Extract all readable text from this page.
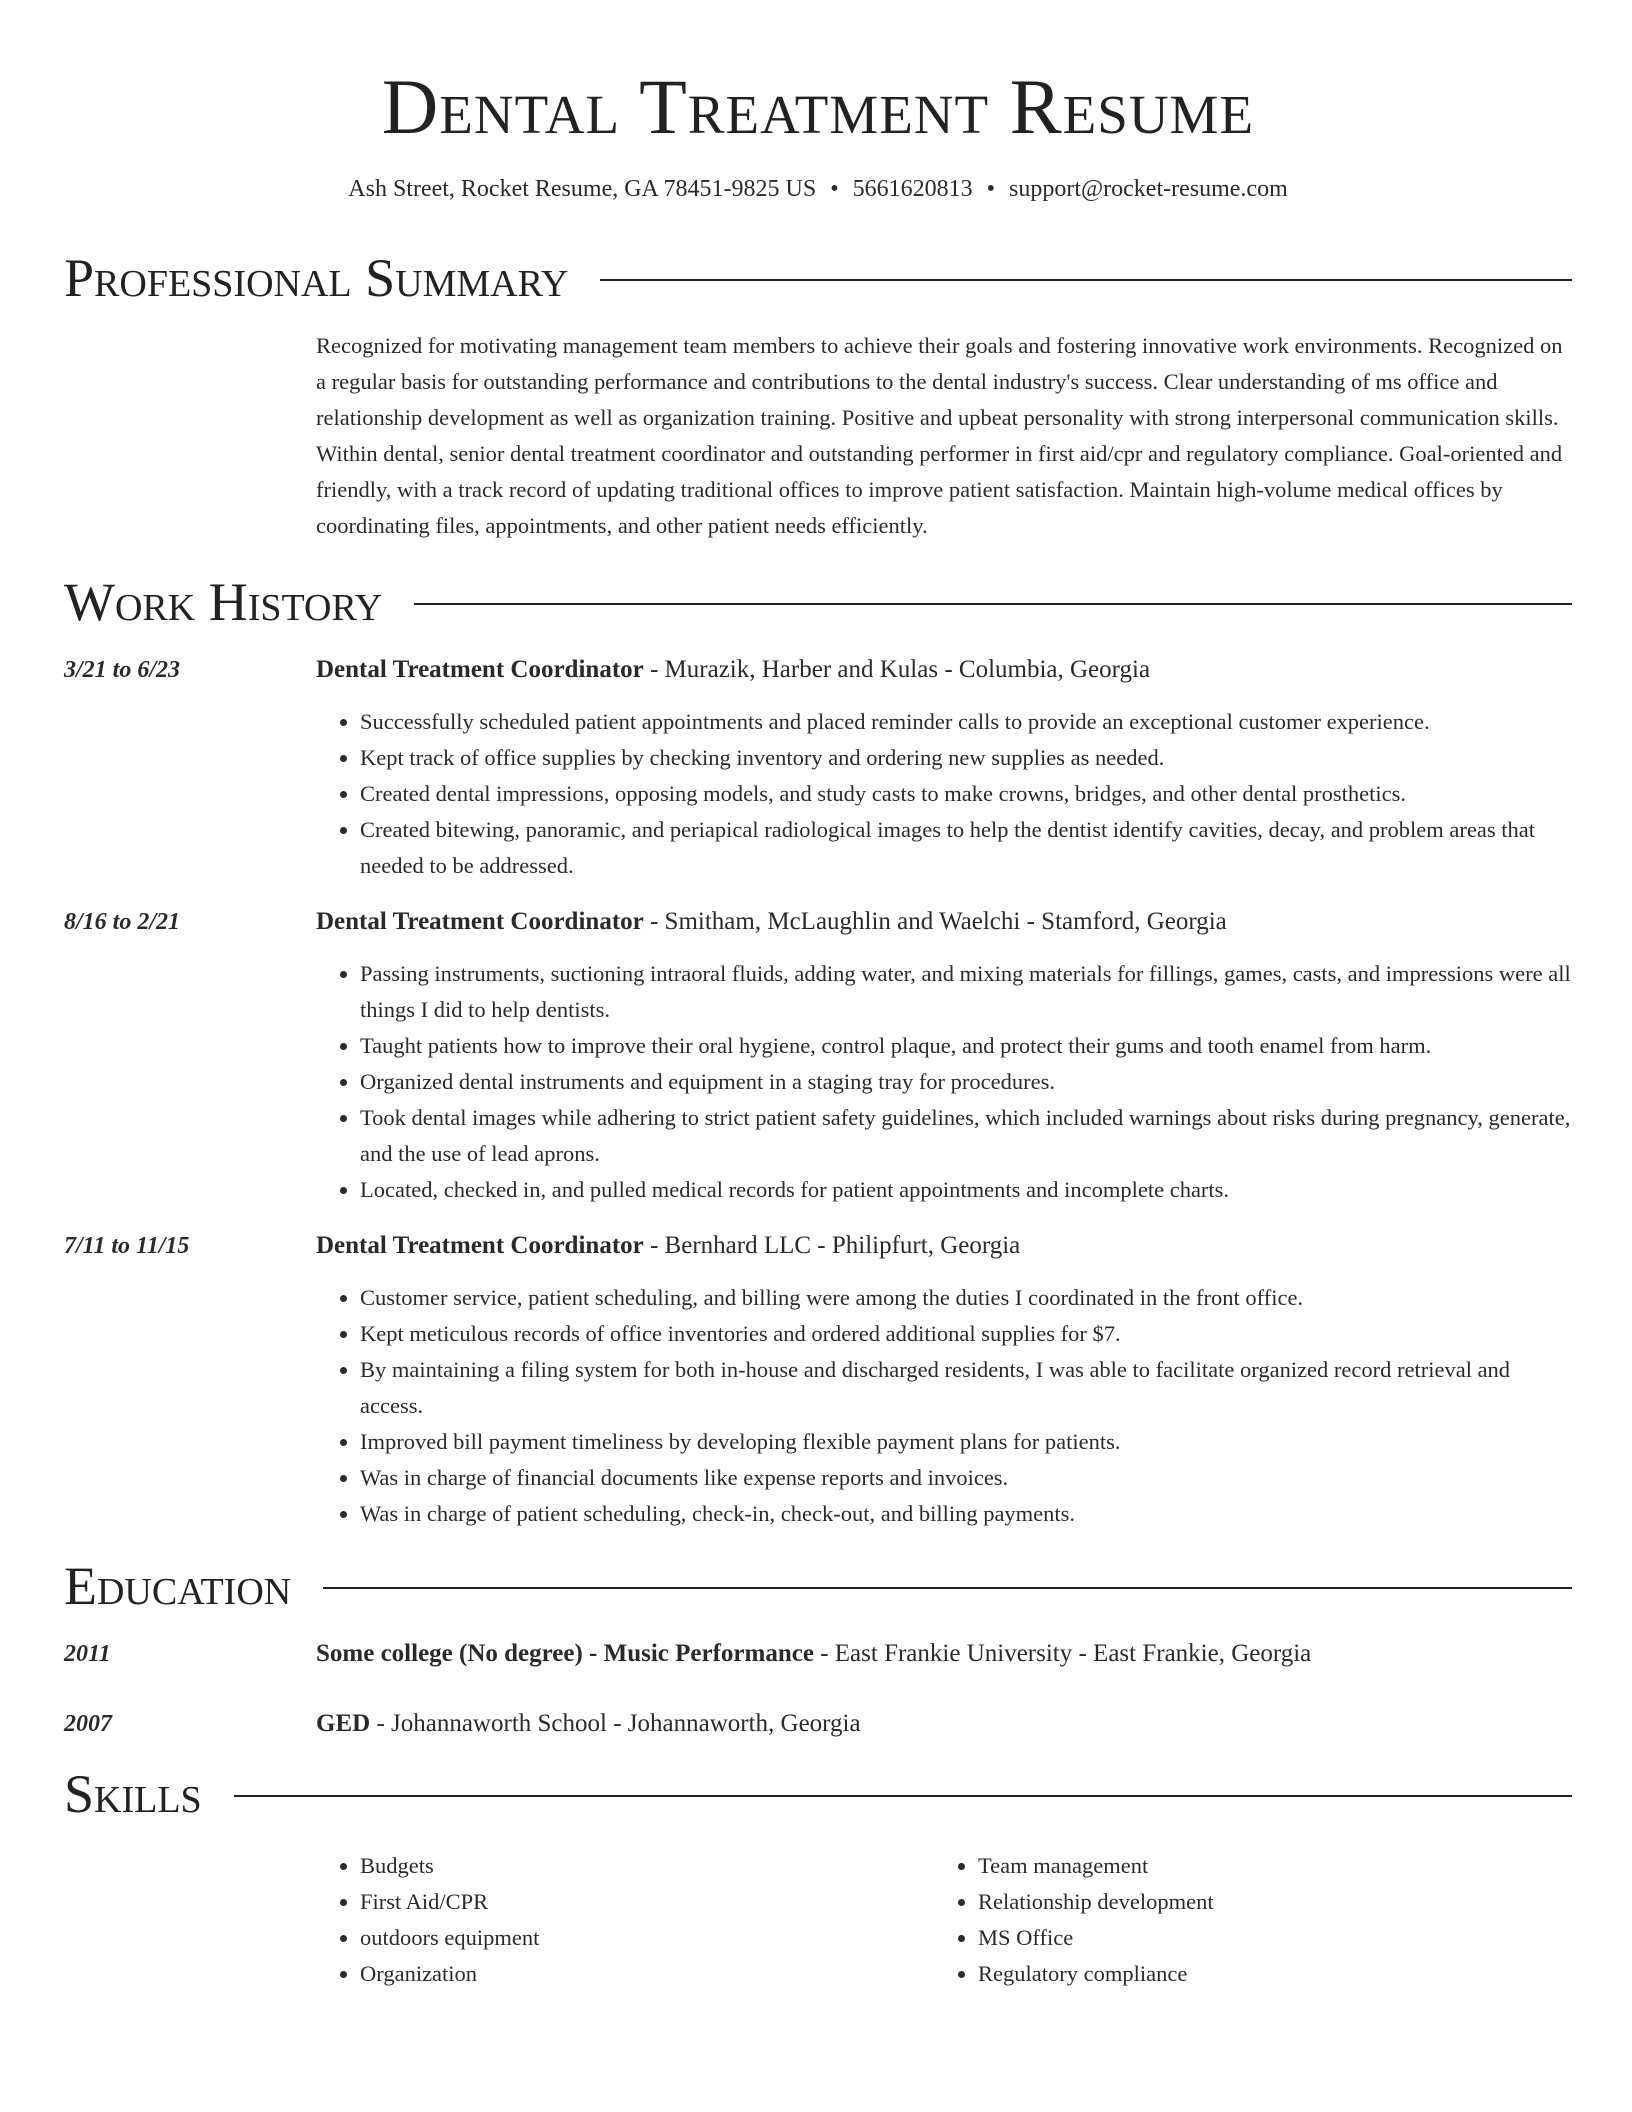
Dental Treatment Resume
Ash Street, Rocket Resume, GA 78451-9825 US • 5661620813 • support@rocket-resume.com
Professional Summary
Recognized for motivating management team members to achieve their goals and fostering innovative work environments. Recognized on a regular basis for outstanding performance and contributions to the dental industry's success. Clear understanding of ms office and relationship development as well as organization training. Positive and upbeat personality with strong interpersonal communication skills. Within dental, senior dental treatment coordinator and outstanding performer in first aid/cpr and regulatory compliance. Goal-oriented and friendly, with a track record of updating traditional offices to improve patient satisfaction. Maintain high-volume medical offices by coordinating files, appointments, and other patient needs efficiently.
Work History
3/21 to 6/23	Dental Treatment Coordinator - Murazik, Harber and Kulas - Columbia, Georgia
• Successfully scheduled patient appointments and placed reminder calls to provide an exceptional customer experience.
• Kept track of office supplies by checking inventory and ordering new supplies as needed.
• Created dental impressions, opposing models, and study casts to make crowns, bridges, and other dental prosthetics.
• Created bitewing, panoramic, and periapical radiological images to help the dentist identify cavities, decay, and problem areas that needed to be addressed.
8/16 to 2/21	Dental Treatment Coordinator - Smitham, McLaughlin and Waelchi - Stamford, Georgia
• Passing instruments, suctioning intraoral fluids, adding water, and mixing materials for fillings, games, casts, and impressions were all things I did to help dentists.
• Taught patients how to improve their oral hygiene, control plaque, and protect their gums and tooth enamel from harm.
• Organized dental instruments and equipment in a staging tray for procedures.
• Took dental images while adhering to strict patient safety guidelines, which included warnings about risks during pregnancy, generate, and the use of lead aprons.
• Located, checked in, and pulled medical records for patient appointments and incomplete charts.
7/11 to 11/15	Dental Treatment Coordinator - Bernhard LLC - Philipfurt, Georgia
• Customer service, patient scheduling, and billing were among the duties I coordinated in the front office.
• Kept meticulous records of office inventories and ordered additional supplies for $7.
• By maintaining a filing system for both in-house and discharged residents, I was able to facilitate organized record retrieval and access.
• Improved bill payment timeliness by developing flexible payment plans for patients.
• Was in charge of financial documents like expense reports and invoices.
• Was in charge of patient scheduling, check-in, check-out, and billing payments.
Education
2011	Some college (No degree) - Music Performance - East Frankie University - East Frankie, Georgia
2007	GED - Johannaworth School - Johannaworth, Georgia
Skills
• Budgets
• First Aid/CPR
• outdoors equipment
• Organization
• Team management
• Relationship development
• MS Office
• Regulatory compliance
